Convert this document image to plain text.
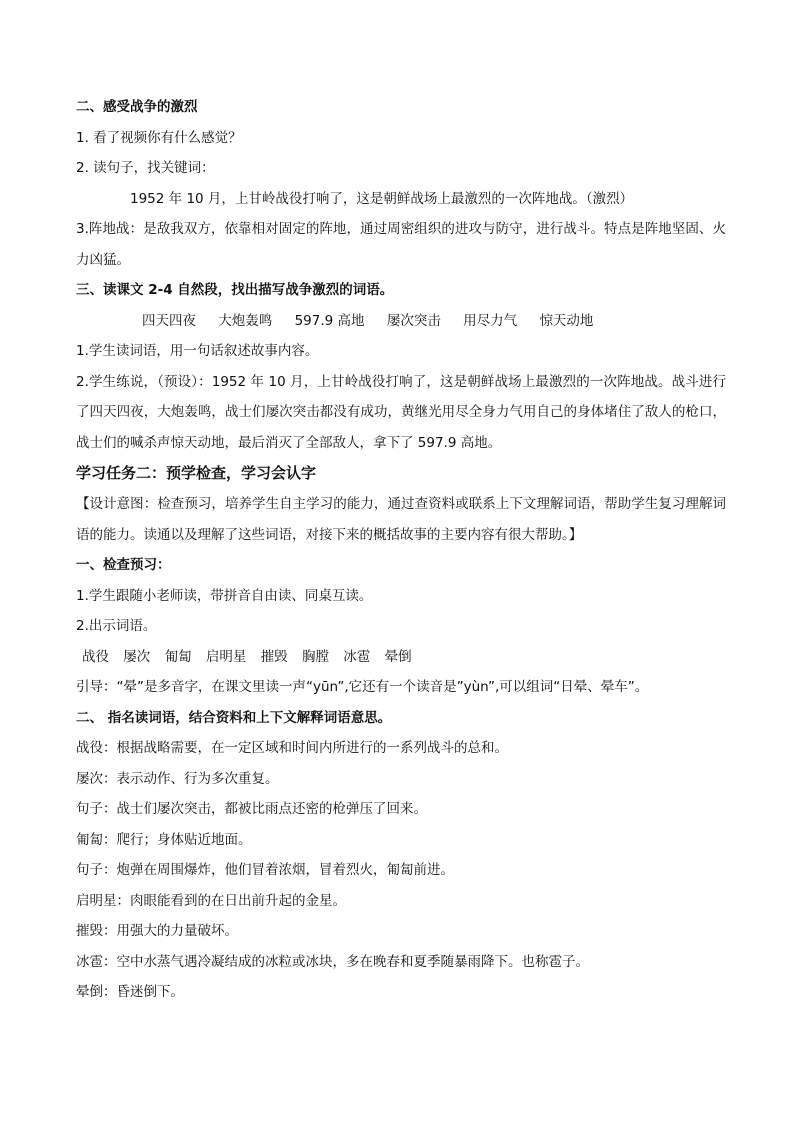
二、感受战争的激烈
1. 看了视频你有什么感觉？
2. 读句子，找关键词：
1952 年 10 月，上甘岭战役打响了，这是朝鲜战场上最激烈的一次阵地战。（激烈）
3.阵地战：是敌我双方，依靠相对固定的阵地，通过周密组织的进攻与防守，进行战斗。特点是阵地坚固、火力凶猛。
三、读课文 2-4 自然段，找出描写战争激烈的词语。
四天四夜 大炮轰鸣 597.9 高地 屡次突击 用尽力气 惊天动地
1.学生读词语，用一句话叙述故事内容。
2.学生练说，（预设）：1952 年 10 月，上甘岭战役打响了，这是朝鲜战场上最激烈的一次阵地战。战斗进行了四天四夜，大炮轰鸣，战士们屡次突击都没有成功，黄继光用尽全身力气用自己的身体堵住了敌人的枪口，战士们的喊杀声惊天动地，最后消灭了全部敌人，拿下了 597.9 高地。
学习任务二：预学检查，学习会认字
【设计意图：检查预习，培养学生自主学习的能力，通过查资料或联系上下文理解词语，帮助学生复习理解词语的能力。读通以及理解了这些词语，对接下来的概括故事的主要内容有很大帮助。】
一、检查预习：
1.学生跟随小老师读，带拼音自由读、同桌互读。
2.出示词语。
战役 屡次 匍匐 启明星 摧毁 胸膛 冰雹 晕倒
引导：“晕”是多音字，在课文里读一声“yūn”,它还有一个读音是”yùn”,可以组词“日晕、晕车”。
二、 指名读词语，结合资料和上下文解释词语意思。
战役：根据战略需要，在一定区域和时间内所进行的一系列战斗的总和。
屡次：表示动作、行为多次重复。
句子：战士们屡次突击，都被比雨点还密的枪弹压了回来。
匍匐：爬行；身体贴近地面。
句子：炮弹在周围爆炸，他们冒着浓烟，冒着烈火，匍匐前进。
启明星：肉眼能看到的在日出前升起的金星。
摧毁：用强大的力量破坏。
冰雹：空中水蒸气遇冷凝结成的冰粒或冰块，多在晚春和夏季随暴雨降下。也称雹子。
晕倒：昏迷倒下。
